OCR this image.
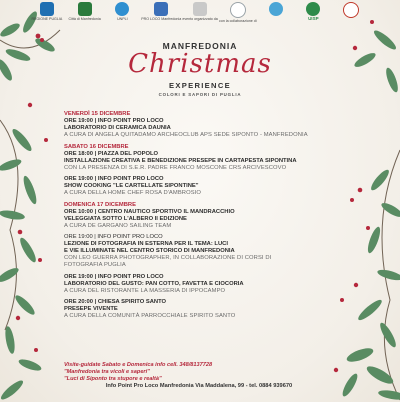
REGIONE PUGLIA Città di Manfredonia	UNPLI	PRO LOCO Manfredonia evento organizzato da con la collaborazione di	UISP
MANFREDONIA
Christmas
EXPERIENCE
COLORI E SAPORI DI PUGLIA
VENERDÌ 15 DICEMBRE
ORE 19:00 | INFO POINT PRO LOCO
LABORATORIO DI CERAMICA DAUNIA
A CURA DI ANGELA QUITADAMO ARCHEOCLUB APS SEDE SIPONTO - MANFREDONIA
SABATO 16 DICEMBRE
ORE 18:00 | PIAZZA DEL POPOLO
INSTALLAZIONE CREATIVA E BENEDIZIONE PRESEPE IN CARTAPESTA SIPONTINA
CON LA PRESENZA DI S.E.R. PADRE FRANCO MOSCONE CRS ARCIVESCOVO
ORE 19:00 | INFO POINT PRO LOCO
SHOW COOKING "LE CARTELLATE SIPONTINE"
A CURA DELLA HOME CHEF ROSA D'AMBROSIO
DOMENICA 17 DICEMBRE
ORE 10:00 | CENTRO NAUTICO SPORTIVO IL MANDRACCHIO
VELEGGIATA SOTTO L'ALBERO II EDIZIONE
A CURA DE GARGANO SAILING TEAM
ORE 19:00 | INFO POINT PRO LOCO
LEZIONE DI FOTOGRAFIA IN ESTERNA PER IL TEMA: LUCI
E VIE ILLUMINATE NEL CENTRO STORICO DI MANFREDONIA
CON LEO GUERRA PHOTOGRAPHER, IN COLLABORAZIONE DI CORSI DI
FOTOGRAFIA PUGLIA
ORE 19:00 | INFO POINT PRO LOCO
LABORATORIO DEL GUSTO: PAN COTTO, FAVETTA E CIOCORIA
A CURA DEL RISTORANTE LA MASSERIA DI IPPOCAMPO
ORE 20:00 | CHIESA SPIRITO SANTO
PRESEPE VIVENTE
A CURA DELLA COMUNITÀ PARROCCHIALE SPIRITO SANTO
Visite-guidate Sabato e Domenica info cell. 348/8137728
"Manfredonia tra vicoli e saperi"
"Luci di Siponto tra stupore e realtà"
Info Point Pro Loco Manfredonia Via Maddalena, 99 - tel. 0884 939670
